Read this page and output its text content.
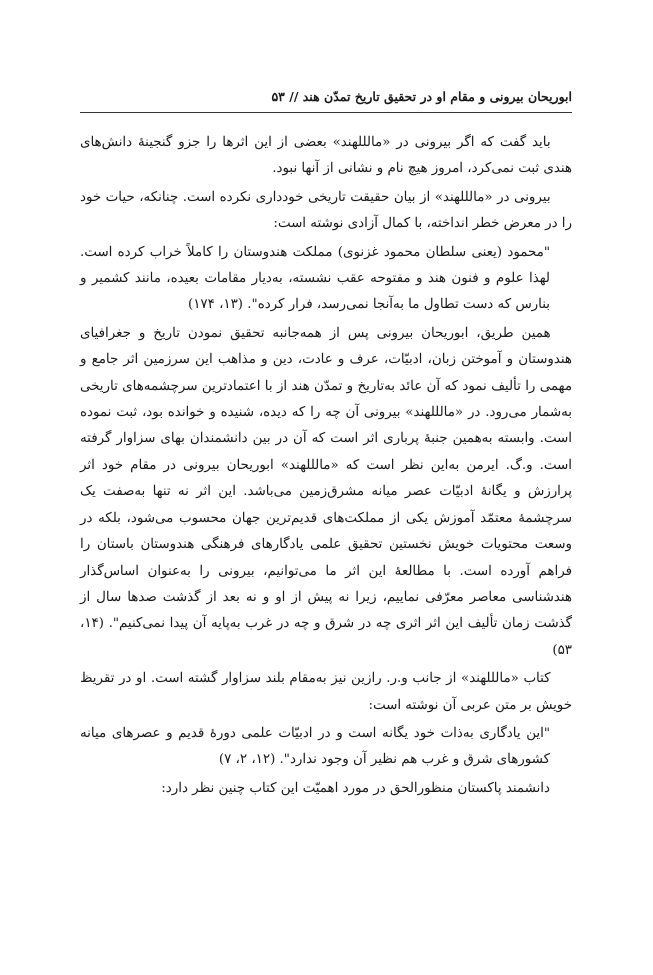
ابوریحان بیرونی و مقام او در تحقیق تاریخ تمدّن هند // ۵۳

باید گفت که اگر بیرونی در «مالللهند» بعضی از این اثرها را جزو گنجینهٔ دانش‌های هندی ثبت نمی‌کرد، امروز هیچ نام و نشانی از آنها نبود.

بیرونی در «مالللهند» از بیان حقیقت تاریخی خودداری نکرده است. چنانکه، حیات خود را در معرض خطر انداخته، با کمال آزادی نوشته است:

"محمود (یعنی سلطان محمود غزنوی) مملکت هندوستان را کاملاً خراب کرده است. لهذا علوم و فنون هند و مفتوحه عقب نشسته، به‌دیار مقامات بعیده، مانند کشمیر و بنارس که دست تطاول ما به‌آنجا نمی‌رسد، فرار کرده". (۱۳، ۱۷۴)

همین طریق، ابوریحان بیرونی پس از همه‌جانبه تحقیق نمودن تاریخ و جغرافیای هندوستان و آموختن زبان، ادبیّات، عرف و عادت، دین و مذاهب این سرزمین اثر جامع و مهمی را تألیف نمود که آن عائد به‌تاریخ و تمدّن هند از با اعتمادترین سرچشمه‌های تاریخی به‌شمار می‌رود. در «مالللهند» بیرونی آن چه را که دیده، شنیده و خوانده بود، ثبت نموده است. وابسته به‌همین جنبهٔ پرباری اثر است که آن در بین دانشمندان بهای سزاوار گرفته است. و.گ. ایرمن به‌این نظر است که «مالللهند» ابوریحان بیرونی در مقام خود اثر پرارزش و یگانهٔ ادبیّات عصر میانه مشرق‌زمین می‌باشد. این اثر نه تنها به‌صفت یک سرچشمهٔ معتمّد آموزش یکی از مملکت‌های قدیم‌ترین جهان محسوب می‌شود، بلکه در وسعت محتویات خویش نخستین تحقیق علمی یادگارهای فرهنگی هندوستان باستان را فراهم آورده است. با مطالعهٔ این اثر ما می‌توانیم، بیرونی را به‌عنوان اساس‌گذار هندشناسی معاصر معرّفی نماییم، زیرا نه پیش از او و نه بعد از گذشت صدها سال از گذشت زمان تألیف این اثر اثری چه در شرق و چه در غرب به‌پایه آن پیدا نمی‌کنیم". (۱۴، ۵۳)

کتاب «مالللهند» از جانب و.ر. رازین نیز به‌مقام بلند سزاوار گشته است. او در تقریظ خویش بر متن عربی آن نوشته است:

"این یادگاری به‌ذات خود یگانه است و در ادبیّات علمی دورهٔ قدیم و عصرهای میانه کشورهای شرق و غرب هم نظیر آن وجود ندارد". (۱۲، ۲، ۷)

دانشمند پاکستان منظورالحق در مورد اهمیّت این کتاب چنین نظر دارد:
